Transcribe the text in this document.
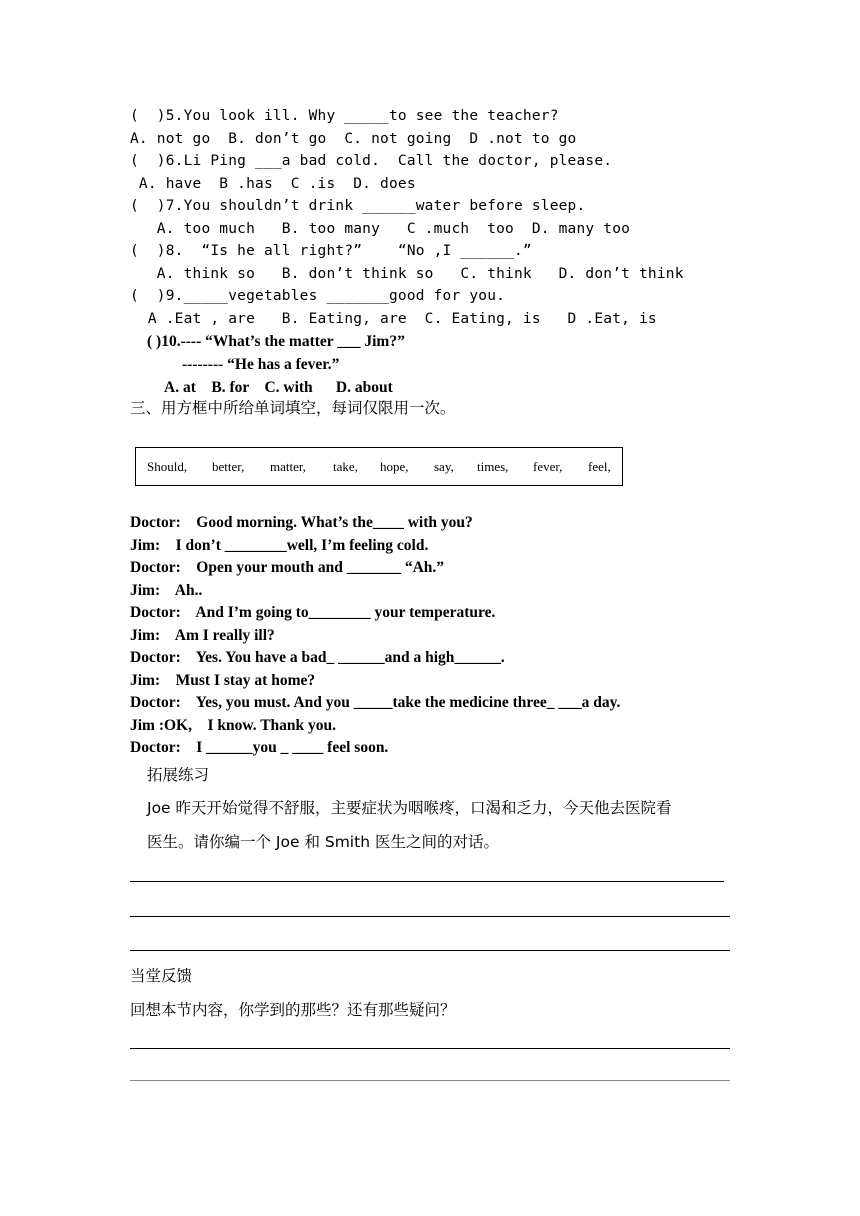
(  )5.You look ill. Why _____to see the teacher?
A. not go  B. don’t go  C. not going  D .not to go
(  )6.Li Ping ___a bad cold.  Call the doctor, please.
A. have  B .has  C .is  D. does
(  )7.You shouldn’t drink ______water before sleep.
A. too much   B. too many   C .much  too  D. many too
(  )8.  “Is he all right?”    “No ,I ______.”
A. think so   B. don’t think so   C. think   D. don’t think
(  )9._____vegetables _______good for you.
A .Eat , are   B. Eating, are  C. Eating, is   D .Eat, is
( )10.---- “What’s the matter ___ Jim?”
-------- “He has a fever.”
A. at    B. for    C. with      D. about
三、用方框中所给单词填空，每词仅限用一次。
Should, better, matter, take, hope, say, times, fever, feel,
Doctor:    Good morning. What’s the____ with you?
Jim:    I don’t ________well, I’m feeling cold.
Doctor:    Open your mouth and _______ “Ah.”
Jim:    Ah..
Doctor:    And I’m going to________ your temperature.
Jim:    Am I really ill?
Doctor:    Yes. You have a bad_ ______and a high______.
Jim:    Must I stay at home?
Doctor:    Yes, you must. And you _____take the medicine three_ ___a day.
Jim :OK,    I know. Thank you.
Doctor:    I ______you _ ____ feel soon.
拓展练习
Joe 昨天开始觉得不舒服，主要症状为咽喉疼，口渴和乏力，今天他去医院看
医生。请你编一个 Joe 和 Smith 医生之间的对话。
当堂反馈
回想本节内容，你学到的那些？还有那些疑问？
